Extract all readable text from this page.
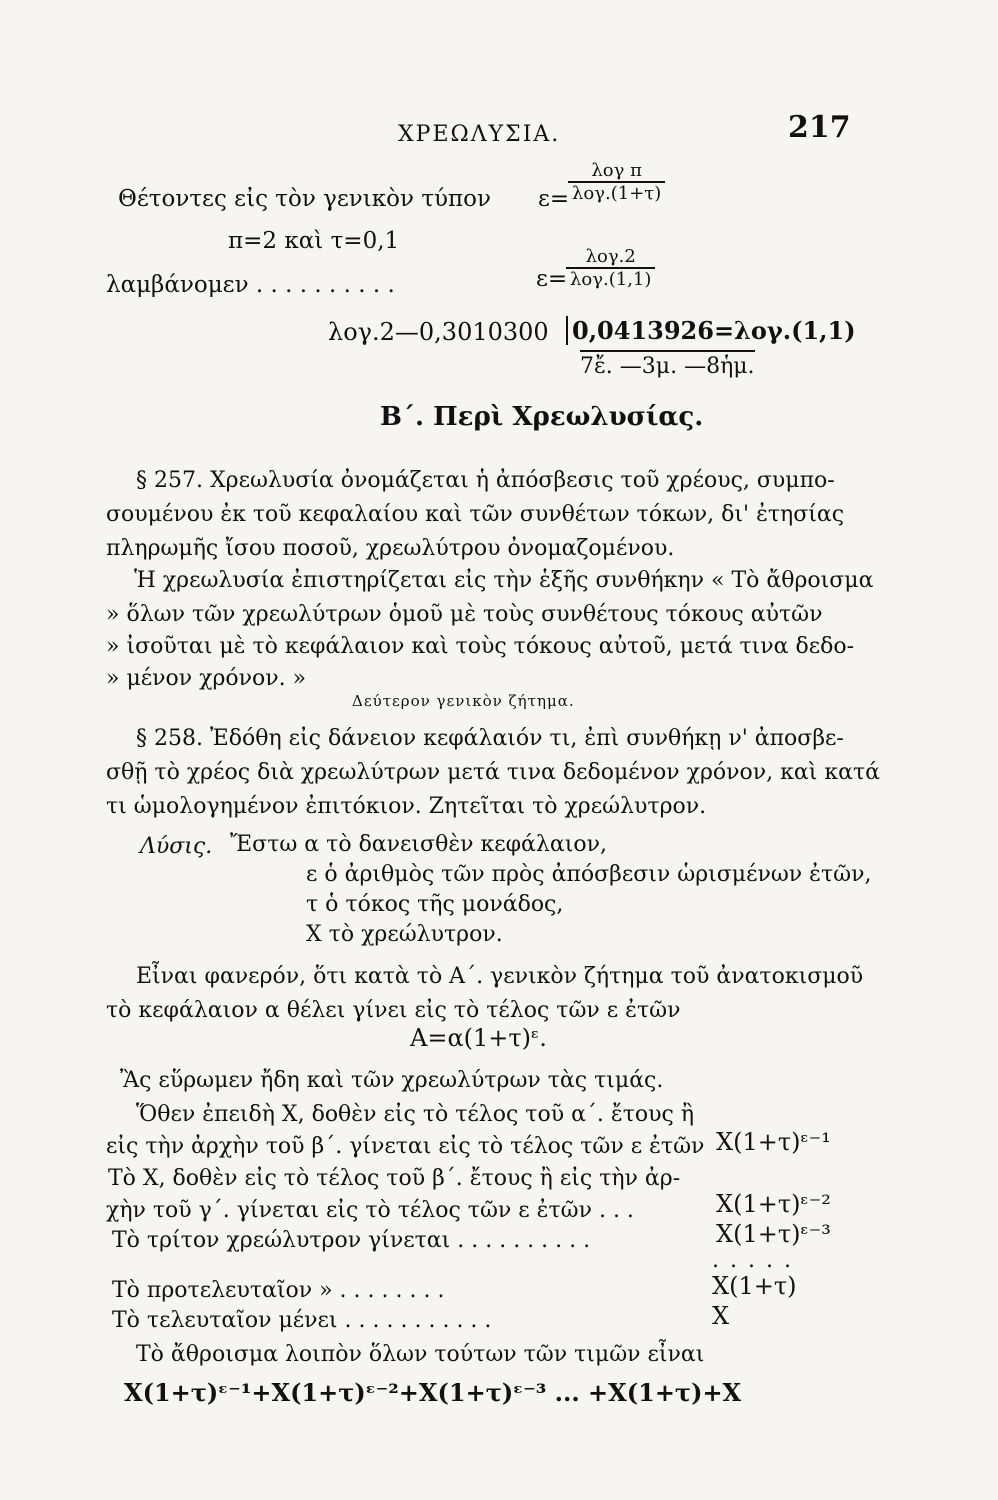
ΧΡΕΩΛΥΣΙΑ.	217
Θέτοντες εἰς τὸν γενικὸν τύπον ε=
λογ π
λογ.(1+τ)
π=2 καὶ τ=0,1
λαμβάνομεν . . . . . . . . . .	ε=
λογ.2
λογ.(1,1)
λογ.2—0,3010300 0,0413926=λογ.(1,1)
7ἔ. —3μ. —8ἡμ.
Β΄. Περὶ Χρεωλυσίας.
§ 257. Χρεωλυσία ὀνομάζεται ἡ ἀπόσβεσις τοῦ χρέους, συμπο-
σουμένου ἐκ τοῦ κεφαλαίου καὶ τῶν συνθέτων τόκων, δι' ἐτησίας
πληρωμῆς ἴσου ποσοῦ, χρεωλύτρου ὀνομαζομένου.
Ἡ χρεωλυσία ἐπιστηρίζεται εἰς τὴν ἑξῆς συνθήκην « Τὸ ἄθροισμα
» ὅλων τῶν χρεωλύτρων ὁμοῦ μὲ τοὺς συνθέτους τόκους αὐτῶν
» ἰσοῦται μὲ τὸ κεφάλαιον καὶ τοὺς τόκους αὐτοῦ, μετά τινα δεδο-
» μένον χρόνον. »
Δεύτερον γενικὸν ζήτημα.
§ 258. Ἐδόθη εἰς δάνειον κεφάλαιόν τι, ἐπὶ συνθήκῃ ν' ἀποσβε-
σθῇ τὸ χρέος διὰ χρεωλύτρων μετά τινα δεδομένον χρόνον, καὶ κατά
τι ὡμολογημένον ἐπιτόκιον. Ζητεῖται τὸ χρεώλυτρον.
Λύσις. Ἔστω α τὸ δανεισθὲν κεφάλαιον,
ε ὁ ἀριθμὸς τῶν πρὸς ἀπόσβεσιν ὡρισμένων ἐτῶν,
τ ὁ τόκος τῆς μονάδος,
Χ τὸ χρεώλυτρον.
Εἶναι φανερόν, ὅτι κατὰ τὸ Α΄. γενικὸν ζήτημα τοῦ ἀνατοκισμοῦ
τὸ κεφάλαιον α θέλει γίνει εἰς τὸ τέλος τῶν ε ἐτῶν
Α=α(1+τ)ᵋ.
Ἂς εὕρωμεν ἤδη καὶ τῶν χρεωλύτρων τὰς τιμάς.
Ὅθεν ἐπειδὴ Χ, δοθὲν εἰς τὸ τέλος τοῦ α΄. ἔτους ἢ
εἰς τὴν ἀρχὴν τοῦ β΄. γίνεται εἰς τὸ τέλος τῶν ε ἐτῶν Χ(1+τ)ᵋ⁻¹
Τὸ Χ, δοθὲν εἰς τὸ τέλος τοῦ β΄. ἔτους ἢ εἰς τὴν ἀρ-
χὴν τοῦ γ΄. γίνεται εἰς τὸ τέλος τῶν ε ἐτῶν . . .	Χ(1+τ)ᵋ⁻²
Τὸ τρίτον χρεώλυτρον γίνεται . . . . . . . . . .	Χ(1+τ)ᵋ⁻³
. . . . .
Τὸ προτελευταῖον » . . . . . . . .	Χ(1+τ)
Τὸ τελευταῖον μένει . . . . . . . . . . .	Χ
Τὸ ἄθροισμα λοιπὸν ὅλων τούτων τῶν τιμῶν εἶναι
Χ(1+τ)ᵋ⁻¹+Χ(1+τ)ᵋ⁻²+Χ(1+τ)ᵋ⁻³ ... +Χ(1+τ)+Χ
